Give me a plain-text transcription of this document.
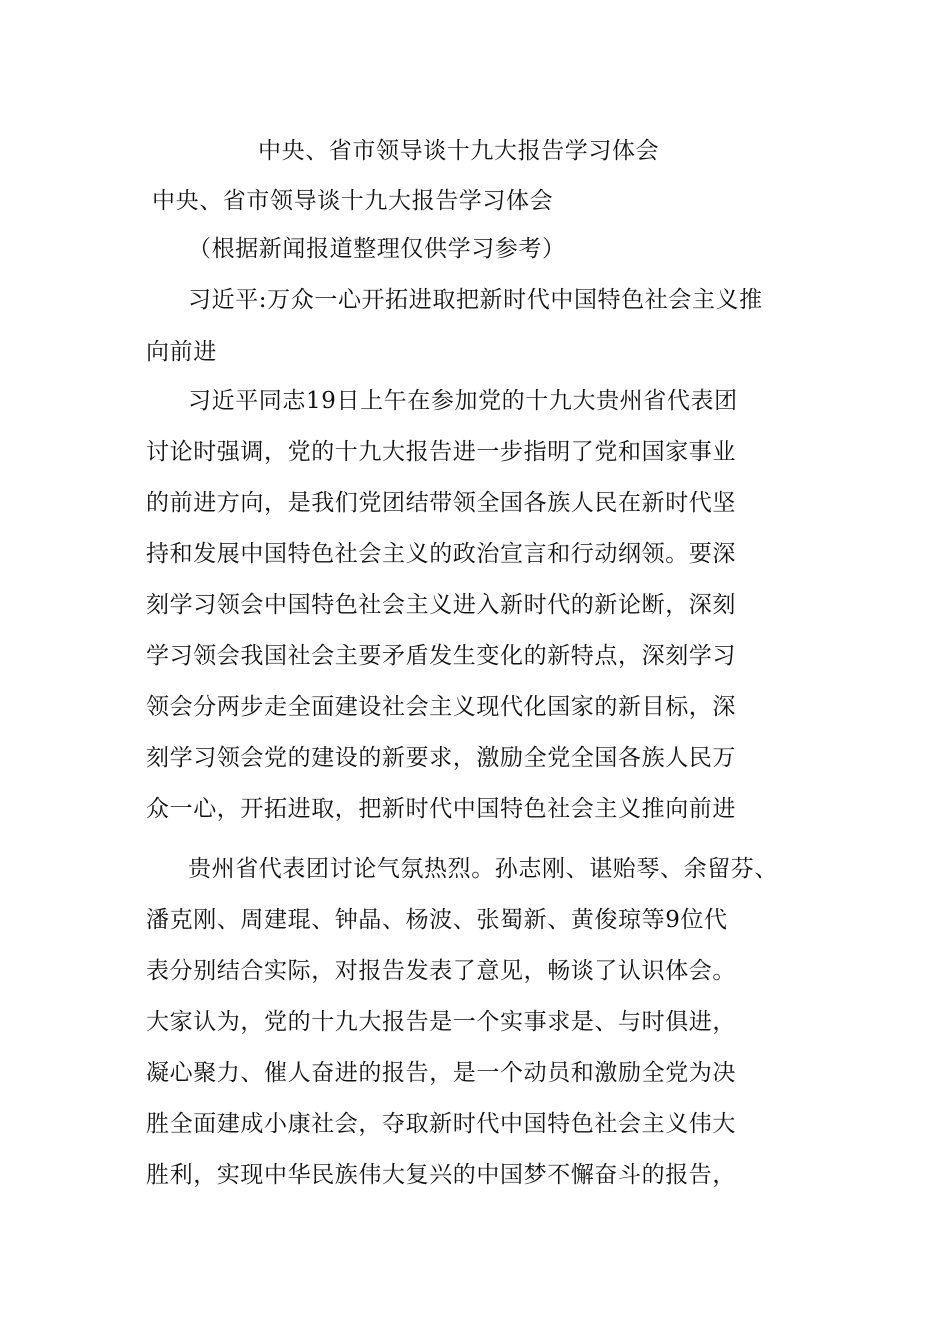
中央、省市领导谈十九大报告学习体会
中央、省市领导谈十九大报告学习体会
（根据新闻报道整理仅供学习参考）
习近平:万众一心开拓进取把新时代中国特色社会主义推
向前进
习近平同志19日上午在参加党的十九大贵州省代表团
讨论时强调，党的十九大报告进一步指明了党和国家事业
的前进方向，是我们党团结带领全国各族人民在新时代坚
持和发展中国特色社会主义的政治宣言和行动纲领。要深
刻学习领会中国特色社会主义进入新时代的新论断，深刻
学习领会我国社会主要矛盾发生变化的新特点，深刻学习
领会分两步走全面建设社会主义现代化国家的新目标，深
刻学习领会党的建设的新要求，激励全党全国各族人民万
众一心，开拓进取，把新时代中国特色社会主义推向前进
贵州省代表团讨论气氛热烈。孙志刚、谌贻琴、余留芬、
潘克刚、周建琨、钟晶、杨波、张蜀新、黄俊琼等9位代
表分别结合实际，对报告发表了意见，畅谈了认识体会。
大家认为，党的十九大报告是一个实事求是、与时俱进，
凝心聚力、催人奋进的报告，是一个动员和激励全党为决
胜全面建成小康社会，夺取新时代中国特色社会主义伟大
胜利，实现中华民族伟大复兴的中国梦不懈奋斗的报告，
